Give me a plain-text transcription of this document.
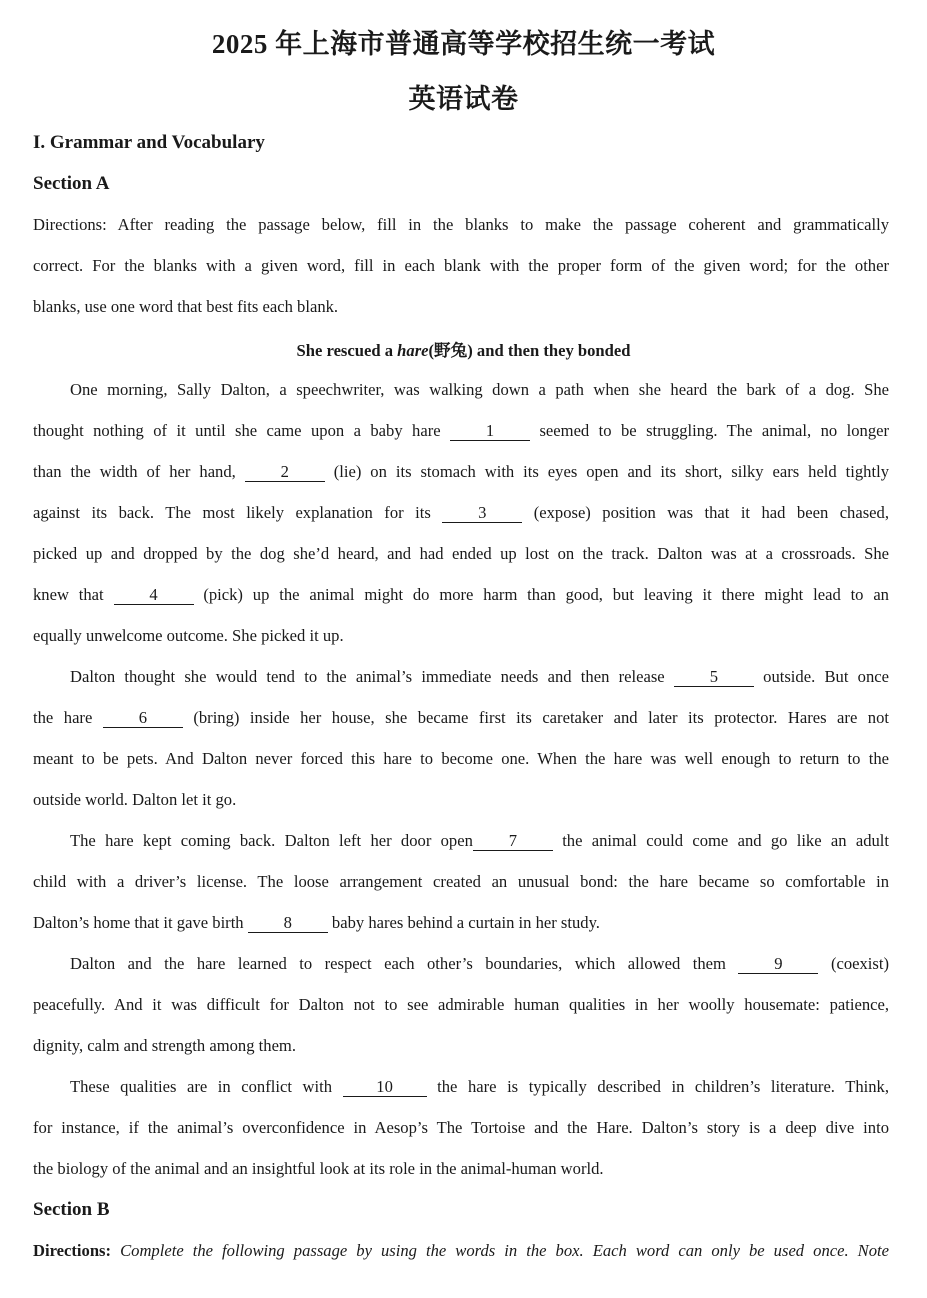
2025 年上海市普通高等学校招生统一考试
英语试卷
I. Grammar and Vocabulary
Section A
Directions: After reading the passage below, fill in the blanks to make the passage coherent and grammatically
correct. For the blanks with a given word, fill in each blank with the proper form of the given word; for the other
blanks, use one word that best fits each blank.
She rescued a hare(野兔) and then they bonded
One morning, Sally Dalton, a speechwriter, was walking down a path when she heard the bark of a dog. She
thought nothing of it until she came upon a baby hare 1 seemed to be struggling. The animal, no longer
than the width of her hand, 2 (lie) on its stomach with its eyes open and its short, silky ears held tightly
against its back. The most likely explanation for its 3 (expose) position was that it had been chased,
picked up and dropped by the dog she’d heard, and had ended up lost on the track. Dalton was at a crossroads. She
knew that 4 (pick) up the animal might do more harm than good, but leaving it there might lead to an
equally unwelcome outcome. She picked it up.
Dalton thought she would tend to the animal’s immediate needs and then release 5 outside. But once
the hare 6 (bring) inside her house, she became first its caretaker and later its protector. Hares are not
meant to be pets. And Dalton never forced this hare to become one. When the hare was well enough to return to the
outside world. Dalton let it go.
The hare kept coming back. Dalton left her door open 7 the animal could come and go like an adult
child with a driver’s license. The loose arrangement created an unusual bond: the hare became so comfortable in
Dalton’s home that it gave birth 8 baby hares behind a curtain in her study.
Dalton and the hare learned to respect each other’s boundaries, which allowed them 9 (coexist)
peacefully. And it was difficult for Dalton not to see admirable human qualities in her woolly housemate: patience,
dignity, calm and strength among them.
These qualities are in conflict with 10 the hare is typically described in children’s literature. Think,
for instance, if the animal’s overconfidence in Aesop’s The Tortoise and the Hare. Dalton’s story is a deep dive into
the biology of the animal and an insightful look at its role in the animal-human world.
Section B
Directions: Complete the following passage by using the words in the box. Each word can only be used once. Note
